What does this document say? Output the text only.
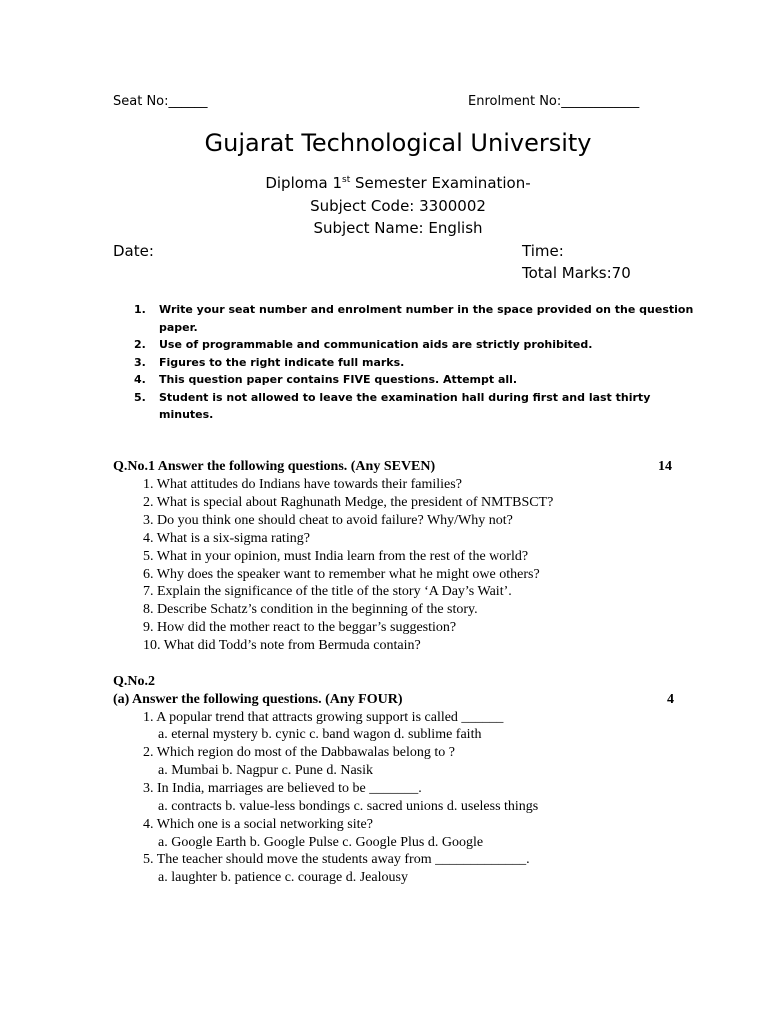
Seat No:______	Enrolment No:____________
Gujarat Technological University
Diploma 1st Semester Examination-
Subject Code: 3300002
Subject Name: English
Date:	Time:
Total Marks:70
1.	Write your seat number and enrolment number in the space provided on the question paper.
2.	Use of programmable and communication aids are strictly prohibited.
3.	Figures to the right indicate full marks.
4.	This question paper contains FIVE questions. Attempt all.
5.	Student is not allowed to leave the examination hall during first and last thirty minutes.
Q.No.1 Answer the following questions. (Any SEVEN)	14
1. What attitudes do Indians have towards their families?
2. What is special about Raghunath Medge, the president of NMTBSCT?
3. Do you think one should cheat to avoid failure? Why/Why not?
4. What is a six-sigma rating?
5. What in your opinion, must India learn from the rest of the world?
6. Why does the speaker want to remember what he might owe others?
7. Explain the significance of the title of the story ‘A Day’s Wait’.
8. Describe Schatz’s condition in the beginning of the story.
9. How did the mother react to the beggar’s suggestion?
10. What did Todd’s note from Bermuda contain?
Q.No.2
(a) Answer the following questions. (Any FOUR)	4
1. A popular trend that attracts growing support is called ______
a. eternal mystery b. cynic c. band wagon d. sublime faith
2. Which region do most of the Dabbawalas belong to ?
a. Mumbai b. Nagpur c. Pune d. Nasik
3. In India, marriages are believed to be _______.
a. contracts b. value-less bondings c. sacred unions d. useless things
4. Which one is a social networking site?
a. Google Earth b. Google Pulse c. Google Plus d. Google
5. The teacher should move the students away from _____________.
a. laughter b. patience c. courage d. Jealousy
